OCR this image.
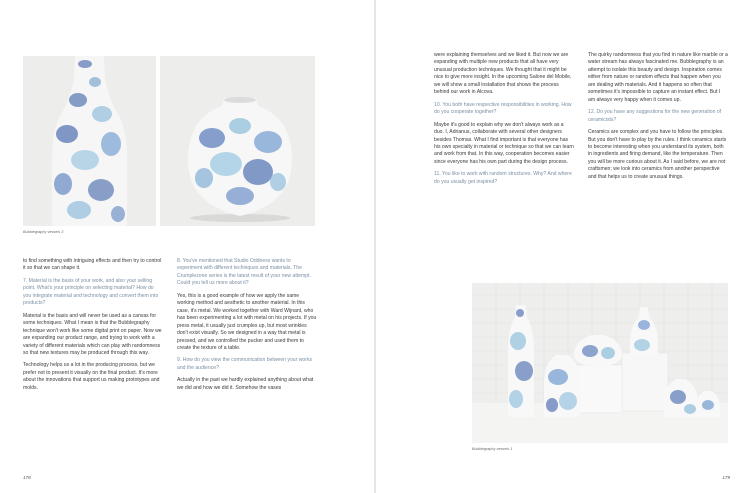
Bubblegraphy vessels 3

to find something with intriguing effects and then try to control it so that we can shape it.

7. Material is the basis of your work, and also your selling point. What's your principle on selecting material? How do you integrate material and technology and convert them into products?

Material is the basis and will never be used as a canvas for some techniques. What I mean is that the Bubblegraphy technique won't work like some digital print on paper. Now we are expanding our product range, and trying to work with a variety of different materials which can play with randomness so that new textures may be produced through this way.

Technology helps us a lot in the producing process, but we prefer not to present it visually on the final product. It's more about the innovations that support us making prototypes and molds.

8. You've mentioned that Studio Oddness wants to experiment with different techniques and materials. The Crumplezone series is the latest result of your new attempt. Could you tell us more about it?

Yes, this is a good example of how we apply the same working method and aesthetic to another material. In this case, it's metal. We worked together with Ward Wijnant, who has been experimenting a lot with metal on his projects. If you press metal, it usually just crumples up, but most wrinkles don't exist visually. So we designed in a way that metal is pressed, and we controlled the pucker and used them to create the texture of a table.

9. How do you view the communication between your works and the audience?

Actually in the past we hardly explained anything about what we did and how we did it. Somehow the vases

178

were explaining themselves and we liked it. But now we are expanding with multiple new products that all have very unusual production techniques. We thought that it might be nice to give more insight. In the upcoming Salone del Mobile, we will show a small installation that shows the process behind our work in Alcova.

10. You both have respective responsibilities in working. How do you cooperate together?

Maybe it's good to explain why we don't always work as a duo. I, Adrianus, collaborate with several other designers besides Thomas. What I find important is that everyone has his own specialty in material or technique so that we can learn and work from that. In this way, cooperation becomes easier since everyone has his own part during the design process.

11. You like to work with random structures. Why? And where do you usually get inspired?

The quirky randomness that you find in nature like marble or a water stream has always fascinated me. Bubblegraphy is an attempt to isolate this beauty and design. Inspiration comes either from nature or random effects that happen when you are dealing with materials. And it happens so often that sometimes it's impossible to capture an instant effect. But I am always very happy when it comes up.

12. Do you have any suggestions for the new generation of ceramicists?

Ceramics are complex and you have to follow the principles. But you don't have to play by the rules. I think ceramics starts to become interesting when you understand its system, both in ingredients and firing demand, like the temperature. Then you will be more curious about it. As I said before, we are not craftsmen; we look into ceramics from another perspective and that helps us to create unusual things.

Bubblegraphy vessels 1
179
